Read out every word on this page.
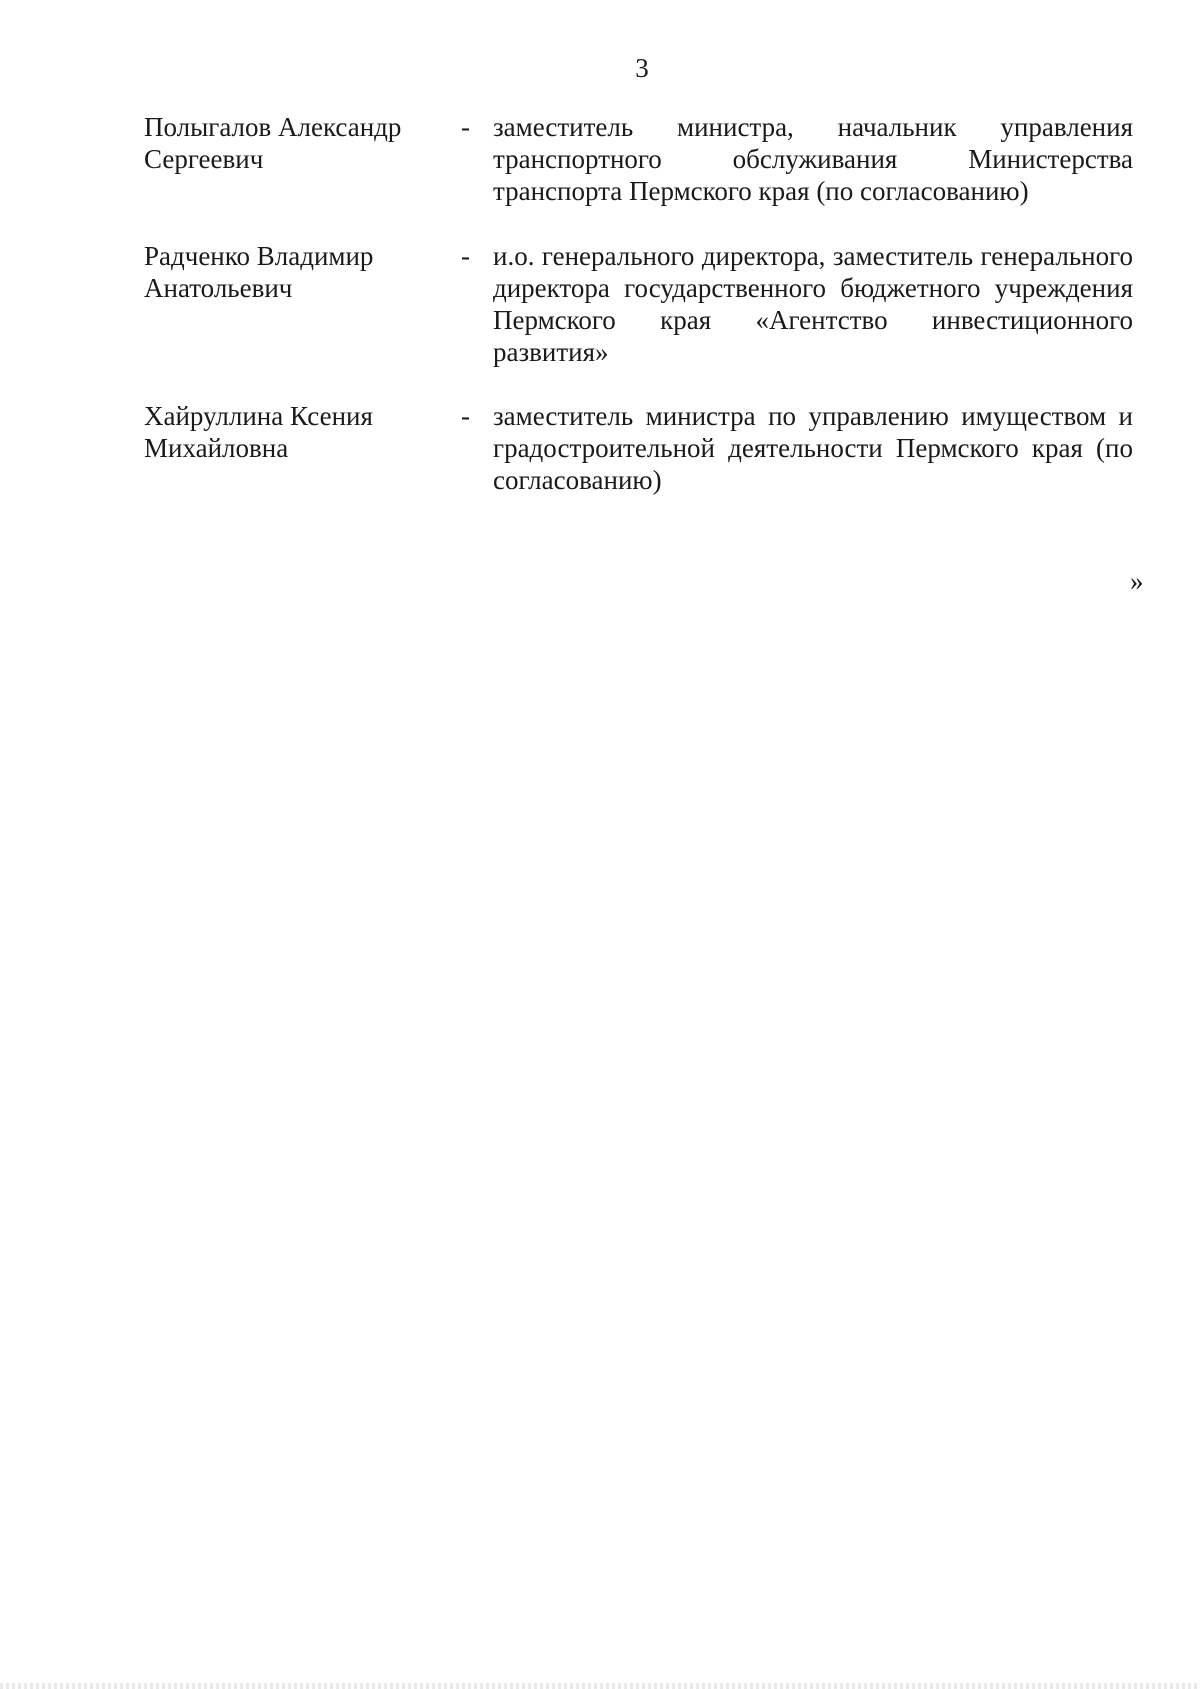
3
Полыгалов Александр
Сергеевич
- заместитель министра, начальник управления транспортного обслуживания Министерства транспорта Пермского края (по согласованию)
Радченко Владимир
Анатольевич
- и.о. генерального директора, заместитель генерального директора государственного бюджетного учреждения Пермского края «Агентство инвестиционного развития»
Хайруллина Ксения
Михайловна
- заместитель министра по управлению имуществом и градостроительной деятельности Пермского края (по согласованию)
»
